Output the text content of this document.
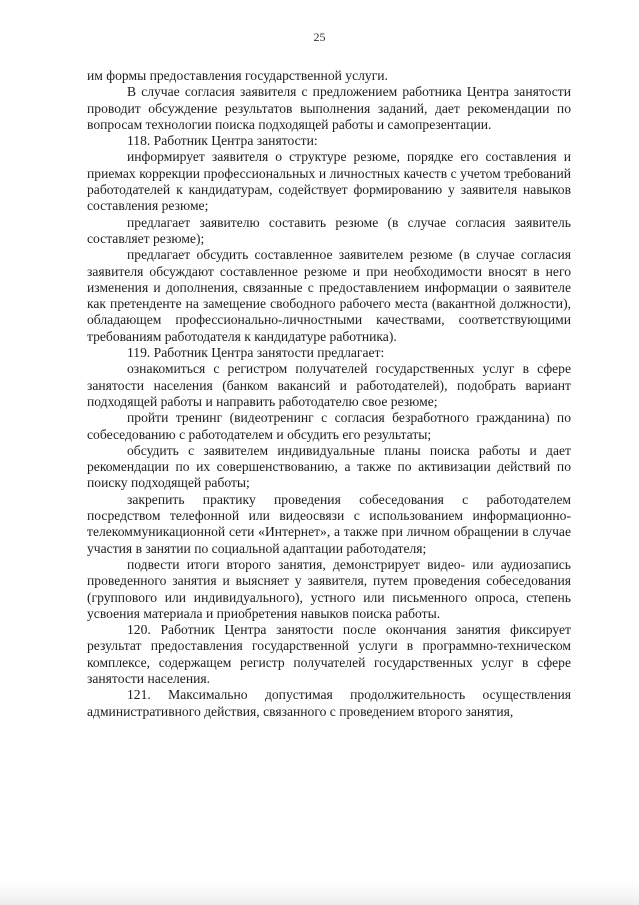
25

им формы предоставления государственной услуги.

В случае согласия заявителя с предложением работника Центра занятости проводит обсуждение результатов выполнения заданий, дает рекомендации по вопросам технологии поиска подходящей работы и самопрезентации.

118. Работник Центра занятости:

информирует заявителя о структуре резюме, порядке его составления и приемах коррекции профессиональных и личностных качеств с учетом требований работодателей к кандидатурам, содействует формированию у заявителя навыков составления резюме;

предлагает заявителю составить резюме (в случае согласия заявитель составляет резюме);

предлагает обсудить составленное заявителем резюме (в случае согласия заявителя обсуждают составленное резюме и при необходимости вносят в него изменения и дополнения, связанные с предоставлением информации о заявителе как претенденте на замещение свободного рабочего места (вакантной должности), обладающем профессионально-личностными качествами, соответствующими требованиям работодателя к кандидатуре работника).

119. Работник Центра занятости предлагает:

ознакомиться с регистром получателей государственных услуг в сфере занятости населения (банком вакансий и работодателей), подобрать вариант подходящей работы и направить работодателю свое резюме;

пройти тренинг (видеотренинг с согласия безработного гражданина) по собеседованию с работодателем и обсудить его результаты;

обсудить с заявителем индивидуальные планы поиска работы и дает рекомендации по их совершенствованию, а также по активизации действий по поиску подходящей работы;

закрепить практику проведения собеседования с работодателем посредством телефонной или видеосвязи с использованием информационно-телекоммуникационной сети «Интернет», а также при личном обращении в случае участия в занятии по социальной адаптации работодателя;

подвести итоги второго занятия, демонстрирует видео- или аудиозапись проведенного занятия и выясняет у заявителя, путем проведения собеседования (группового или индивидуального), устного или письменного опроса, степень усвоения материала и приобретения навыков поиска работы.

120. Работник Центра занятости после окончания занятия фиксирует результат предоставления государственной услуги в программно-техническом комплексе, содержащем регистр получателей государственных услуг в сфере занятости населения.

121. Максимально допустимая продолжительность осуществления административного действия, связанного с проведением второго занятия,
